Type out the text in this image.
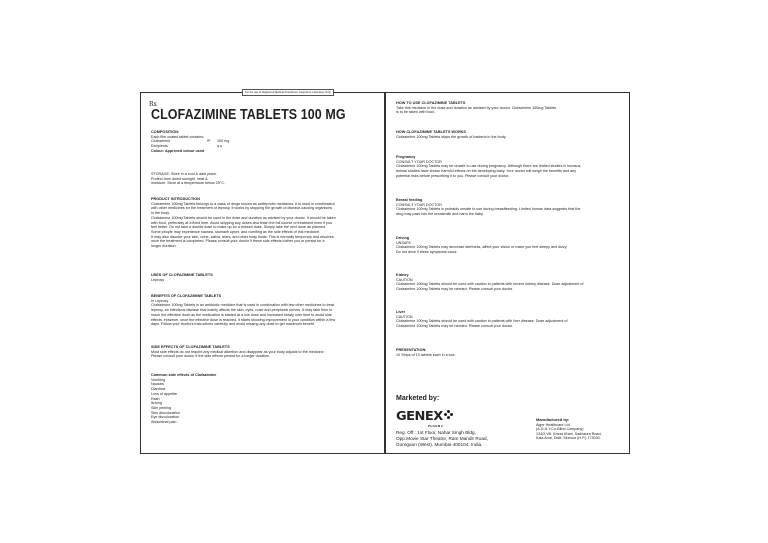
Rx
CLOFAZIMINE TABLETS 100 MG

COMPOSITION:

Each film coated tablet contains:

Clofazimine	IP	100 mg
Excipients	q.s

Colour: Approved colour used

STORAGE: Store in a cool & dark place.

Protect from direct sunlight, heat &

moisture. Store at a temperature below 25°C.

PRODUCT INTRODUCTION

Clofazimine 100mg Tablets belongs to a class of drugs known as antileprotic medicines. It is used in combination

with other medicines for the treatment of leprosy. It works by stopping the growth of disease-causing organisms

in the body.

Clofazimine 100mg Tablets should be used in the dose and duration as advised by your doctor. It should be taken

with food, preferably at a fixed time. Avoid skipping any doses and finish the full course of treatment even if you

feel better. Do not take a double dose to make up for a missed dose. Simply take the next dose as planned.

Some people may experience nausea, stomach upset, and vomiting as the side effects of this medicine.

It may also discolor your skin, urine, saliva, tears, and other body fluids. This is normally temporary and resolves

once the treatment is completed. Please consult your doctor if these side effects bother you or persist for a

longer duration.

USES OF CLOFAZIMINE TABLETS

Leprosy

BENEFITS OF CLOFAZIMINE TABLETS

In Leprosy

Clofazimine 100mg Tablets is an antibiotic medicine that is used in combination with few other medicines to treat

leprosy, an infectious disease that mainly affects the skin, eyes, nose and peripheral nerves. It may take time to

reach the effective dose as the medication is started at a low dose and increased slowly over time to avoid side

effects. However, once the effective dose is reached, it starts showing improvement in your condition within a few

days. Follow your doctor's instructions carefully and avoid missing any dose to get maximum benefit.

SIDE EFFECTS OF CLOFAZIMINE TABLETS

Most side effects do not require any medical attention and disappear as your body adjusts to the medicine.

Please consult your doctor if the side effects persist for a longer duration.

Common side effects of Clofazimine

Vomiting

Nausea

Diarrhea

Loss of appetite

Rash

Itching

Skin peeling

Skin discoloration

Eye discoloration

Abdominal pain

For the use of Registered Medical Practitioner, Hospital or Laboratory Only

HOW TO USE CLOFAZIMINE TABLETS

Take this medicine in the dose and duration as advised by your doctor. Clofazimine 100mg Tablets

is to be taken with food.

HOW CLOFAZIMINE TABLETS WORKS

Clofazimine 100mg Tablets stops the growth of bacteria in the body.

Pregnancy

CONSULT YOUR DOCTOR

Clofazimine 100mg Tablets may be unsafe to use during pregnancy. Although there are limited studies in humans,

animal studies have shown harmful effects on the developing baby. Your doctor will weigh the benefits and any

potential risks before prescribing it to you. Please consult your doctor.

Breast feeding

CONSULT YOUR DOCTOR

Clofazimine 100mg Tablets is probably unsafe to use during breastfeeding. Limited human data suggests that the

drug may pass into the breastmilk and harm the baby.

Driving

UNSAFE

Clofazimine 100mg Tablets may decrease alertness, affect your vision or make you feel sleepy and dizzy.

Do not drive if these symptoms occur.

Kidney

CAUTION

Clofazimine 100mg Tablets should be used with caution in patients with severe kidney disease. Dose adjustment of

Clofazimine 100mg Tablets may be needed. Please consult your doctor.

Liver

CAUTION

Clofazimine 100mg Tablets should be used with caution in patients with liver disease. Dose adjustment of

Clofazimine 100mg Tablets may be needed. Please consult your doctor.

PRESENTATION:

10 Strips of 10 tablets each in a box.

Marketed by:
GENEX
PHARMA
Reg. Off.: 1st Floor, Nahar Singh Bldg,
Opp.Movie Star Theatre, Ram Mandir Road,
Goregaon (West), Mumbai-400104, India.

Manufactured by:

Alger Healthcare Ltd.

(A.G.H.Y.Co-Blind Company)

134/2,Vill. Khera Khari, Sadhaura Road,

Kala Amb, Distt. Sirmour (H.P.) 173030.
